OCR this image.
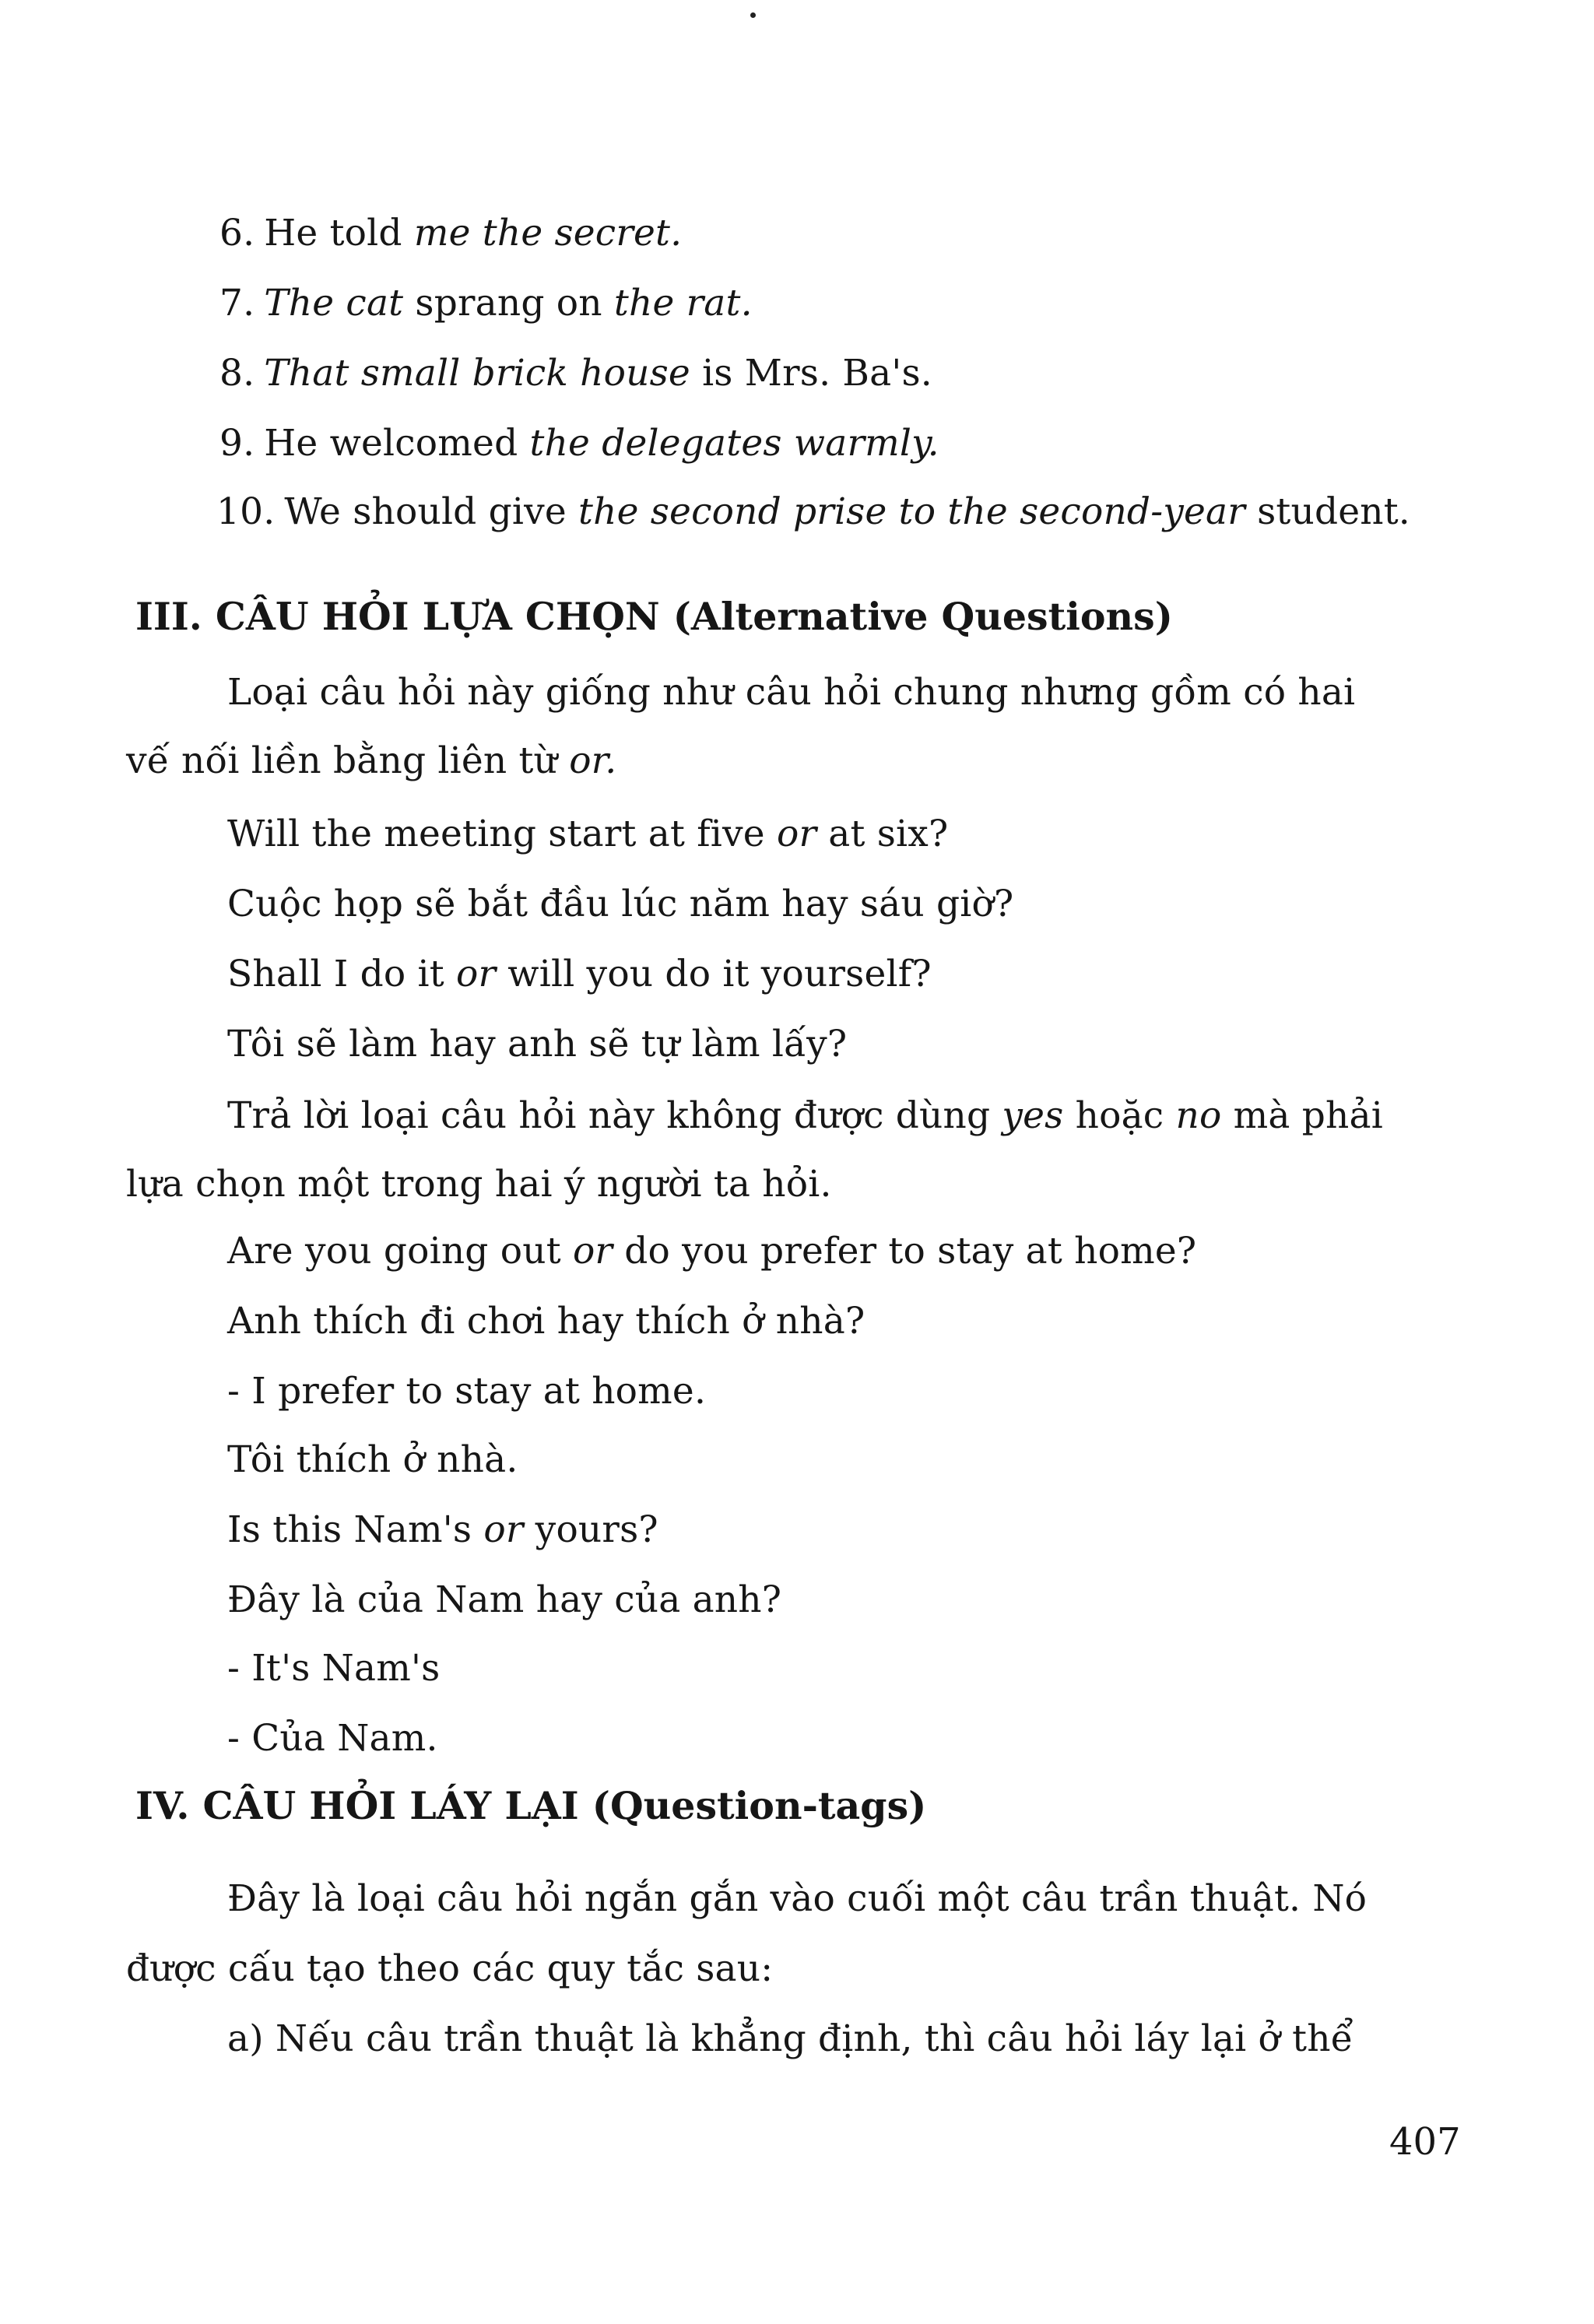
6. He told me the secret.
7. The cat sprang on the rat.
8. That small brick house is Mrs. Ba's.
9. He welcomed the delegates warmly.
10. We should give the second prise to the second-year student.
III. CÂU HỎI LỰA CHỌN (Alternative Questions)
Loại câu hỏi này giống như câu hỏi chung nhưng gồm có hai
vế nối liền bằng liên từ or.
Will the meeting start at five or at six?
Cuộc họp sẽ bắt đầu lúc năm hay sáu giờ?
Shall I do it or will you do it yourself?
Tôi sẽ làm hay anh sẽ tự làm lấy?
Trả lời loại câu hỏi này không được dùng yes hoặc no mà phải
lựa chọn một trong hai ý người ta hỏi.
Are you going out or do you prefer to stay at home?
Anh thích đi chơi hay thích ở nhà?
- I prefer to stay at home.
Tôi thích ở nhà.
Is this Nam's or yours?
Đây là của Nam hay của anh?
- It's Nam's
- Của Nam.
IV. CÂU HỎI LÁY LẠI (Question-tags)
Đây là loại câu hỏi ngắn gắn vào cuối một câu trần thuật. Nó
được cấu tạo theo các quy tắc sau:
a) Nếu câu trần thuật là khẳng định, thì câu hỏi láy lại ở thể
407
